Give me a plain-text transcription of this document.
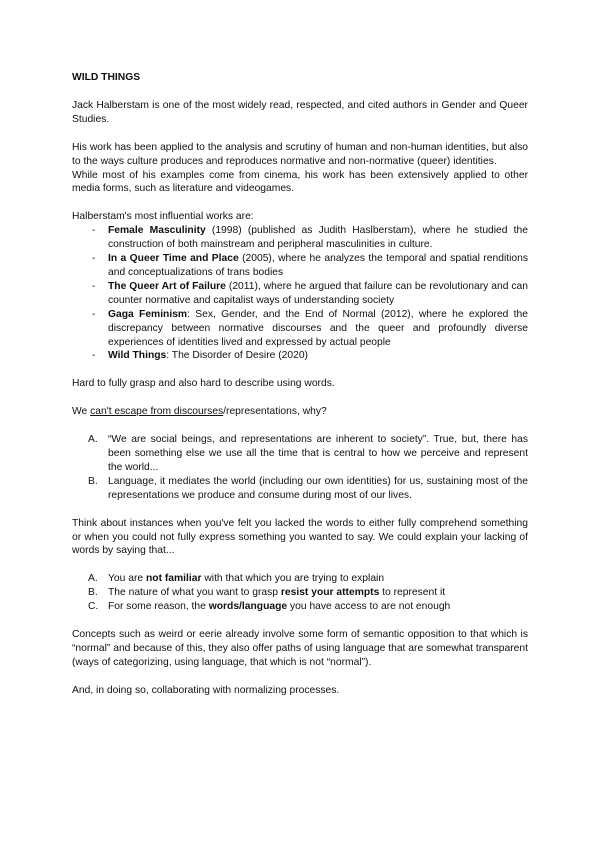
WILD THINGS

Jack Halberstam is one of the most widely read, respected, and cited authors in Gender and Queer Studies.

His work has been applied to the analysis and scrutiny of human and non-human identities, but also to the ways culture produces and reproduces normative and non-normative (queer) identities.

While most of his examples come from cinema, his work has been extensively applied to other media forms, such as literature and videogames.

Halberstam's most influential works are:

- Female Masculinity (1998) (published as Judith Haslberstam), where he studied the construction of both mainstream and peripheral masculinities in culture.
- In a Queer Time and Place (2005), where he analyzes the temporal and spatial renditions and conceptualizations of trans bodies
- The Queer Art of Failure (2011), where he argued that failure can be revolutionary and can counter normative and capitalist ways of understanding society
- Gaga Feminism: Sex, Gender, and the End of Normal (2012), where he explored the discrepancy between normative discourses and the queer and profoundly diverse experiences of identities lived and expressed by actual people
- Wild Things: The Disorder of Desire (2020)

Hard to fully grasp and also hard to describe using words.

We can't escape from discourses/representations, why?

A. “We are social beings, and representations are inherent to society”. True, but, there has been something else we use all the time that is central to how we perceive and represent the world...
B. Language, it mediates the world (including our own identities) for us, sustaining most of the representations we produce and consume during most of our lives.

Think about instances when you've felt you lacked the words to either fully comprehend something or when you could not fully express something you wanted to say. We could explain your lacking of words by saying that...

A. You are not familiar with that which you are trying to explain
B. The nature of what you want to grasp resist your attempts to represent it
C. For some reason, the words/language you have access to are not enough

Concepts such as weird or eerie already involve some form of semantic opposition to that which is “normal” and because of this, they also offer paths of using language that are somewhat transparent (ways of categorizing, using language, that which is not “normal”).

And, in doing so, collaborating with normalizing processes.
